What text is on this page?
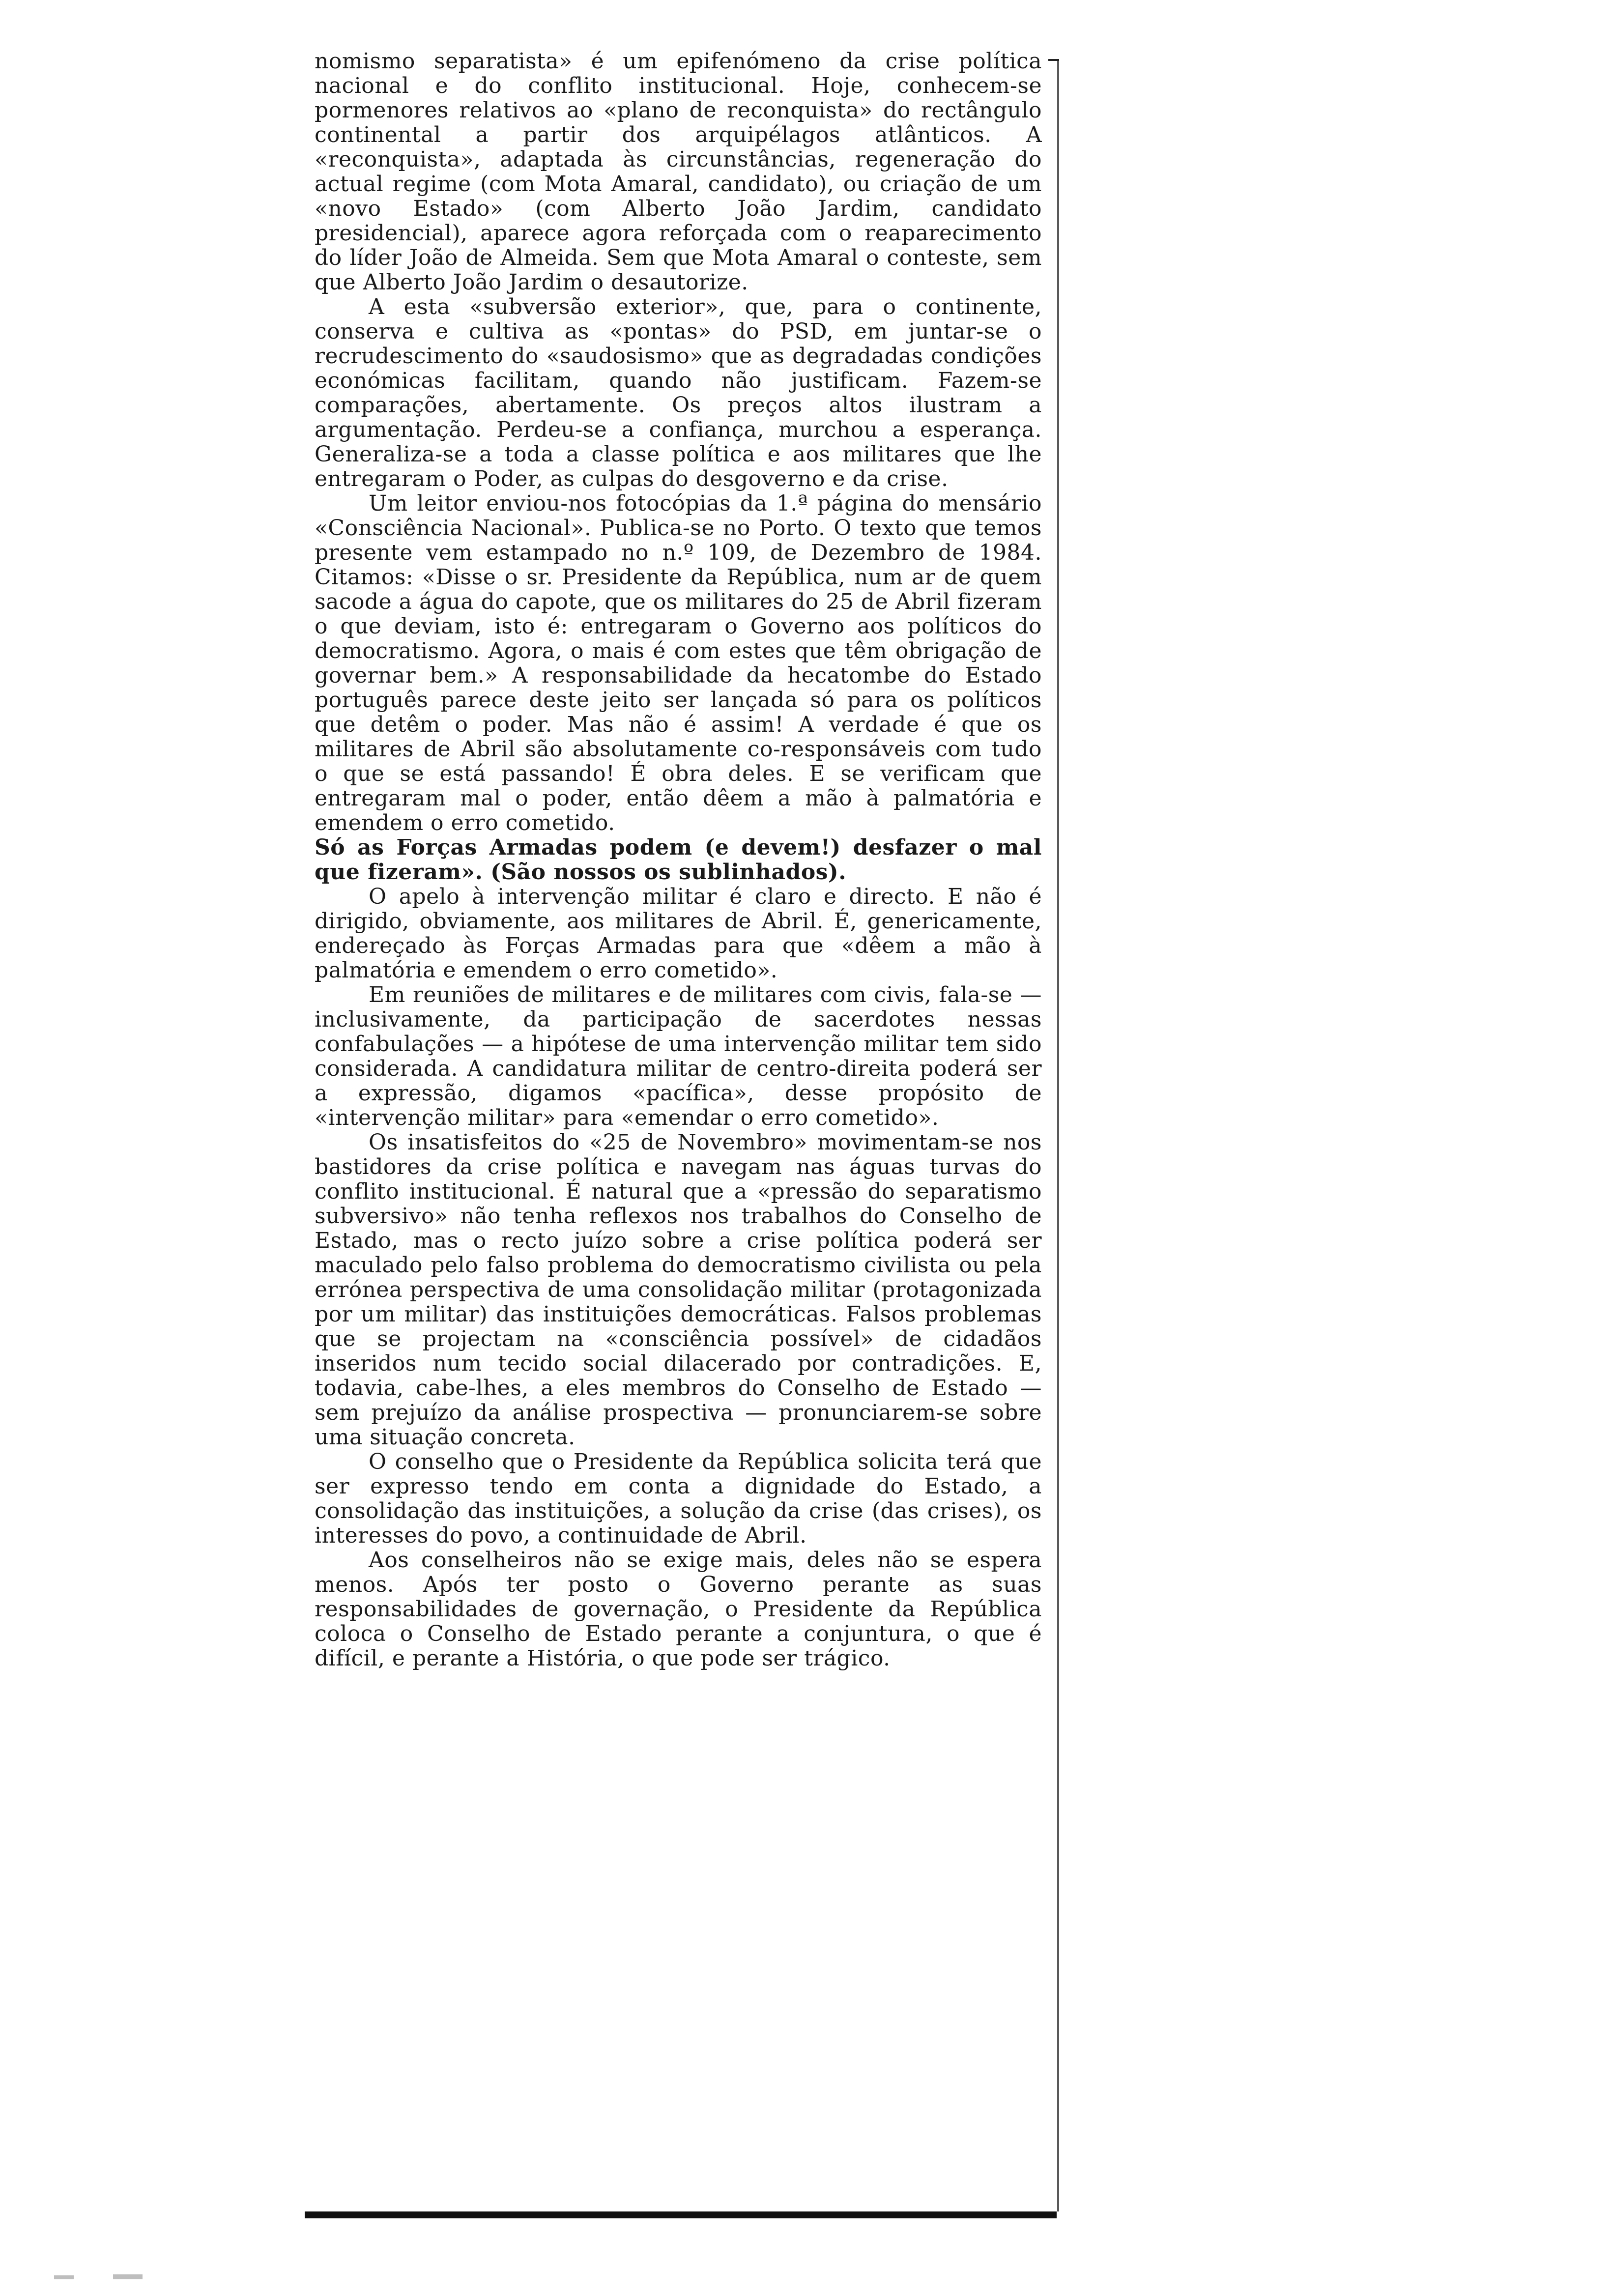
nomismo separatista» é um epifenómeno da crise política nacional e do conflito institucional. Hoje, conhecem-se pormenores relativos ao «plano de reconquista» do rectângulo continental a partir dos arquipélagos atlânticos. A «reconquista», adaptada às circunstâncias, regeneração do actual regime (com Mota Amaral, candidato), ou criação de um «novo Estado» (com Alberto João Jardim, candidato presidencial), aparece agora reforçada com o reaparecimento do líder João de Almeida. Sem que Mota Amaral o conteste, sem que Alberto João Jardim o desautorize.

A esta «subversão exterior», que, para o continente, conserva e cultiva as «pontas» do PSD, em juntar-se o recrudescimento do «saudosismo» que as degradadas condições económicas facilitam, quando não justificam. Fazem-se comparações, abertamente. Os preços altos ilustram a argumentação. Perdeu-se a confiança, murchou a esperança. Generaliza-se a toda a classe política e aos militares que lhe entregaram o Poder, as culpas do desgoverno e da crise.

Um leitor enviou-nos fotocópias da 1.ª página do mensário «Consciência Nacional». Publica-se no Porto. O texto que temos presente vem estampado no n.º 109, de Dezembro de 1984. Citamos: «Disse o sr. Presidente da República, num ar de quem sacode a água do capote, que os militares do 25 de Abril fizeram o que deviam, isto é: entregaram o Governo aos políticos do democratismo. Agora, o mais é com estes que têm obrigação de governar bem.» A responsabilidade da hecatombe do Estado português parece deste jeito ser lançada só para os políticos que detêm o poder. Mas não é assim! A verdade é que os militares de Abril são absolutamente co-responsáveis com tudo o que se está passando! É obra deles. E se verificam que entregaram mal o poder, então dêem a mão à palmatória e emendem o erro cometido.

Só as Forças Armadas podem (e devem!) desfazer o mal que fizeram». (São nossos os sublinhados).

O apelo à intervenção militar é claro e directo. E não é dirigido, obviamente, aos militares de Abril. É, genericamente, endereçado às Forças Armadas para que «dêem a mão à palmatória e emendem o erro cometido».

Em reuniões de militares e de militares com civis, fala-se — inclusivamente, da participação de sacerdotes nessas confabulações — a hipótese de uma intervenção militar tem sido considerada. A candidatura militar de centro-direita poderá ser a expressão, digamos «pacífica», desse propósito de «intervenção militar» para «emendar o erro cometido».

Os insatisfeitos do «25 de Novembro» movimentam-se nos bastidores da crise política e navegam nas águas turvas do conflito institucional. É natural que a «pressão do separatismo subversivo» não tenha reflexos nos trabalhos do Conselho de Estado, mas o recto juízo sobre a crise política poderá ser maculado pelo falso problema do democratismo civilista ou pela errónea perspectiva de uma consolidação militar (protagonizada por um militar) das instituições democráticas. Falsos problemas que se projectam na «consciência possível» de cidadãos inseridos num tecido social dilacerado por contradições. E, todavia, cabe-lhes, a eles membros do Conselho de Estado — sem prejuízo da análise prospectiva — pronunciarem-se sobre uma situação concreta.

O conselho que o Presidente da República solicita terá que ser expresso tendo em conta a dignidade do Estado, a consolidação das instituições, a solução da crise (das crises), os interesses do povo, a continuidade de Abril.

Aos conselheiros não se exige mais, deles não se espera menos. Após ter posto o Governo perante as suas responsabilidades de governação, o Presidente da República coloca o Conselho de Estado perante a conjuntura, o que é difícil, e perante a História, o que pode ser trágico.
